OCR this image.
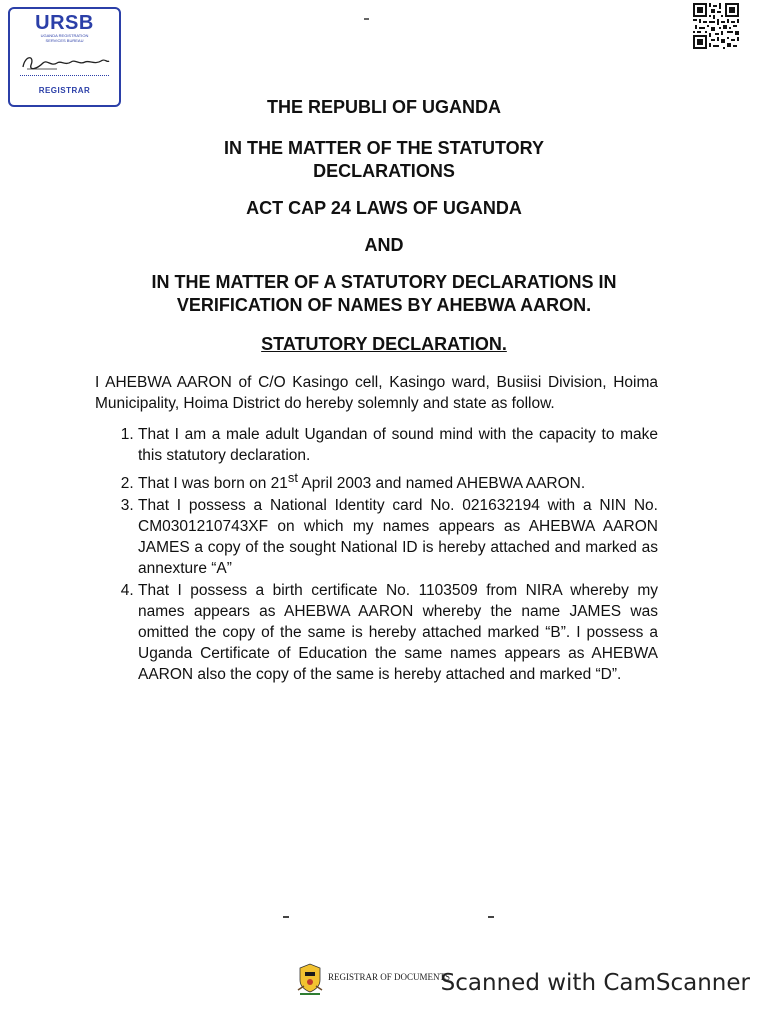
URSB
UGANDA REGISTRATION
SERVICES BUREAU
REGISTRAR

THE REPUBLI OF UGANDA

IN THE MATTER OF THE STATUTORY DECLARATIONS

ACT CAP 24 LAWS OF UGANDA

AND

IN THE MATTER OF A STATUTORY DECLARATIONS IN VERIFICATION OF NAMES BY AHEBWA AARON.

STATUTORY DECLARATION.

I AHEBWA AARON of C/O Kasingo cell, Kasingo ward, Busiisi Division, Hoima Municipality, Hoima District do hereby solemnly and state as follow.

1. That I am a male adult Ugandan of sound mind with the capacity to make this statutory declaration.
2. That I was born on 21st April 2003 and named AHEBWA AARON.
3. That I possess a National Identity card No. 021632194 with a NIN No. CM0301210743XF on which my names appears as AHEBWA AARON JAMES a copy of the sought National ID is hereby attached and marked as annexture “A”
4. That I possess a birth certificate No. 1103509 from NIRA whereby my names appears as AHEBWA AARON whereby the name JAMES was omitted the copy of the same is hereby attached marked “B”. I possess a Uganda Certificate of Education the same names appears as AHEBWA AARON also the copy of the same is hereby attached and marked “D”.
REGISTRAR OF DOCUMENTS
Scanned with CamScanner
